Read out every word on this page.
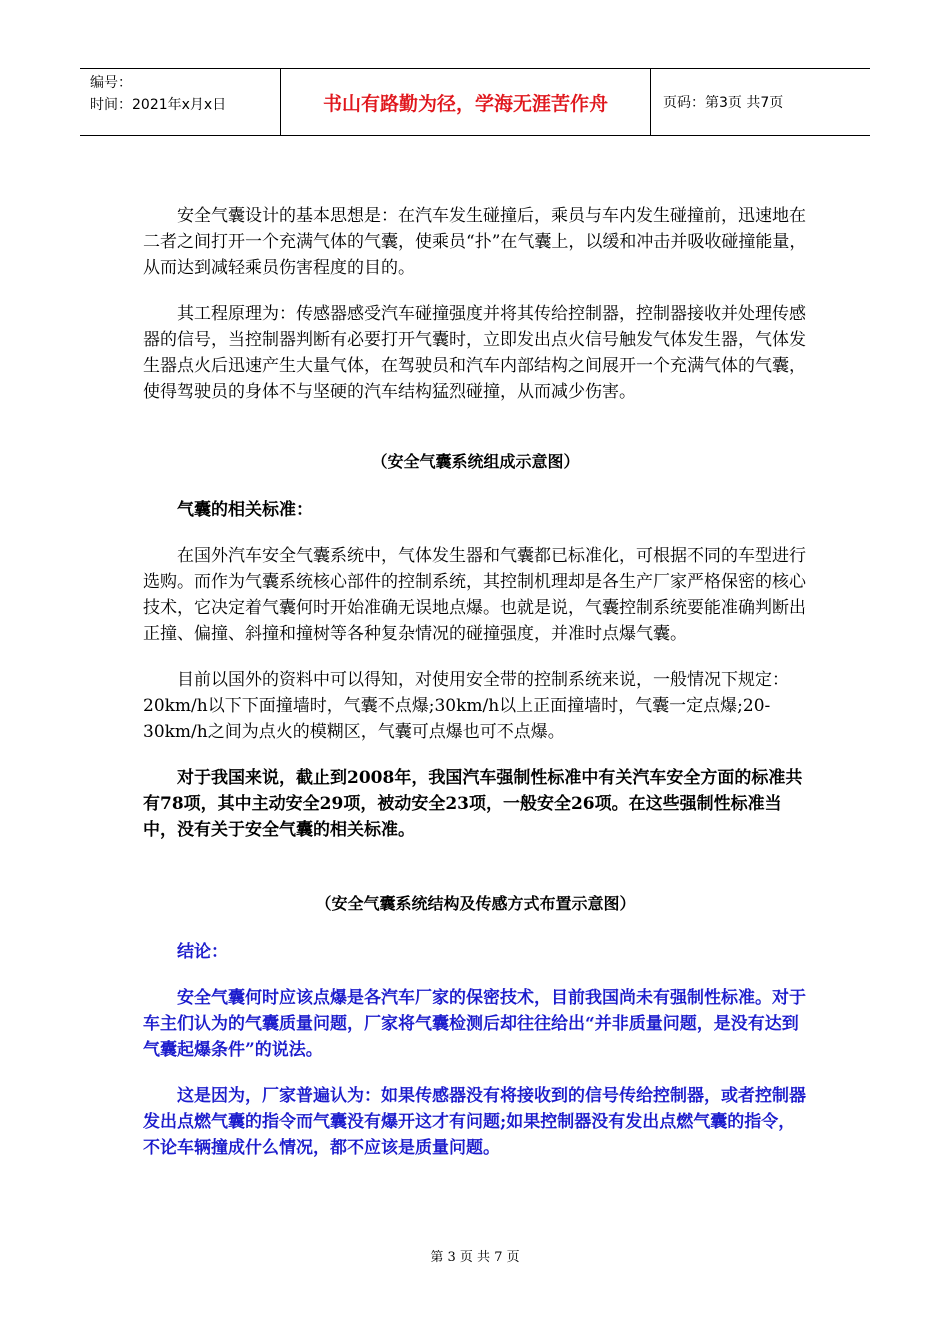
编号：
时间：2021年x月x日	书山有路勤为径，学海无涯苦作舟	页码：第3页 共7页

安全气囊设计的基本思想是：在汽车发生碰撞后，乘员与车内发生碰撞前，迅速地在二者之间打开一个充满气体的气囊，使乘员“扑”在气囊上，以缓和冲击并吸收碰撞能量，从而达到减轻乘员伤害程度的目的。

其工程原理为：传感器感受汽车碰撞强度并将其传给控制器，控制器接收并处理传感器的信号，当控制器判断有必要打开气囊时，立即发出点火信号触发气体发生器，气体发生器点火后迅速产生大量气体，在驾驶员和汽车内部结构之间展开一个充满气体的气囊，使得驾驶员的身体不与坚硬的汽车结构猛烈碰撞，从而减少伤害。

（安全气囊系统组成示意图）

气囊的相关标准：

在国外汽车安全气囊系统中，气体发生器和气囊都已标准化，可根据不同的车型进行选购。而作为气囊系统核心部件的控制系统，其控制机理却是各生产厂家严格保密的核心技术，它决定着气囊何时开始准确无误地点爆。也就是说，气囊控制系统要能准确判断出正撞、偏撞、斜撞和撞树等各种复杂情况的碰撞强度，并准时点爆气囊。

目前以国外的资料中可以得知，对使用安全带的控制系统来说，一般情况下规定：20km/h以下下面撞墙时，气囊不点爆;30km/h以上正面撞墙时，气囊一定点爆;20-30km/h之间为点火的模糊区，气囊可点爆也可不点爆。

对于我国来说，截止到2008年，我国汽车强制性标准中有关汽车安全方面的标准共有78项，其中主动安全29项，被动安全23项，一般安全26项。在这些强制性标准当中，没有关于安全气囊的相关标准。

（安全气囊系统结构及传感方式布置示意图）

结论：

安全气囊何时应该点爆是各汽车厂家的保密技术，目前我国尚未有强制性标准。对于车主们认为的气囊质量问题，厂家将气囊检测后却往往给出“并非质量问题，是没有达到气囊起爆条件”的说法。

这是因为，厂家普遍认为：如果传感器没有将接收到的信号传给控制器，或者控制器发出点燃气囊的指令而气囊没有爆开这才有问题;如果控制器没有发出点燃气囊的指令，不论车辆撞成什么情况，都不应该是质量问题。

第 3 页 共 7 页
